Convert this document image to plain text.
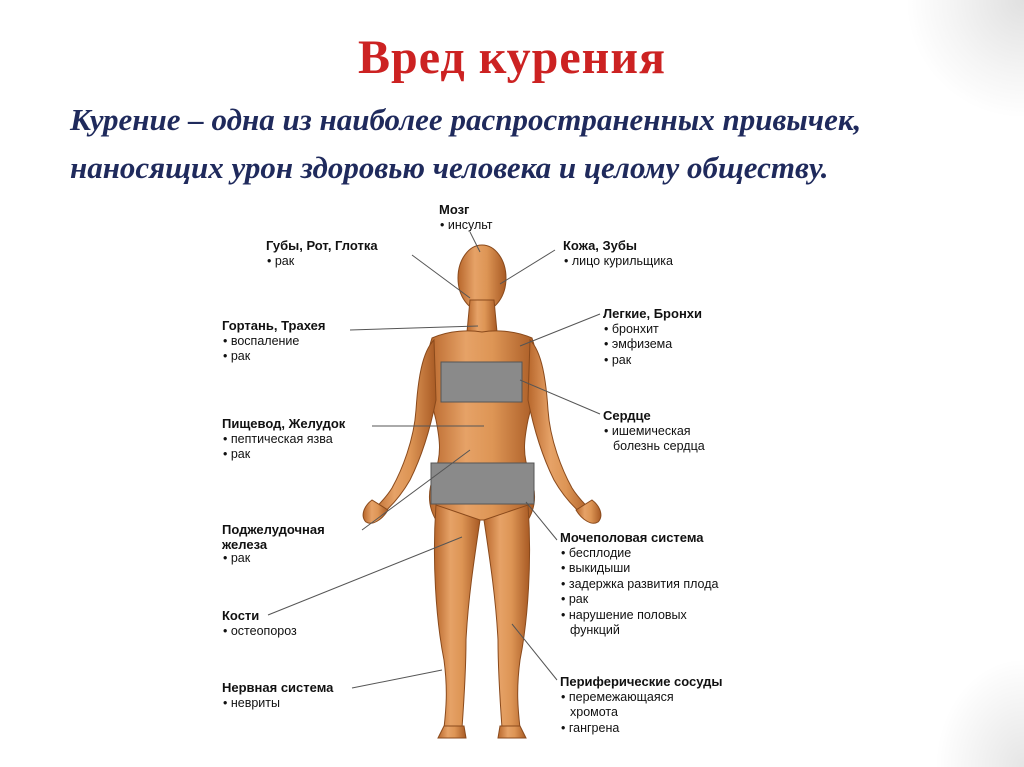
Вред курения

Курение – одна из наиболее распространенных привычек,

наносящих урон здоровью человека и целому обществу.

Мозг
• инсульт
Губы, Рот, Глотка
• рак
Кожа, Зубы
• лицо курильщика
Гортань, Трахея
• воспаление
• рак
Легкие, Бронхи
• бронхит
• эмфизема
• рак
Пищевод, Желудок
• пептическая язва
• рак
Сердце
• ишемическая
болезнь сердца
Поджелудочная
железа
• рак
Мочеполовая система
• бесплодие
• выкидыши
• задержка развития плода
• рак
• нарушение половых
функций
Кости
• остеопороз
Нервная система
• невриты
Периферические сосуды
• перемежающаяся
хромота
• гангрена
